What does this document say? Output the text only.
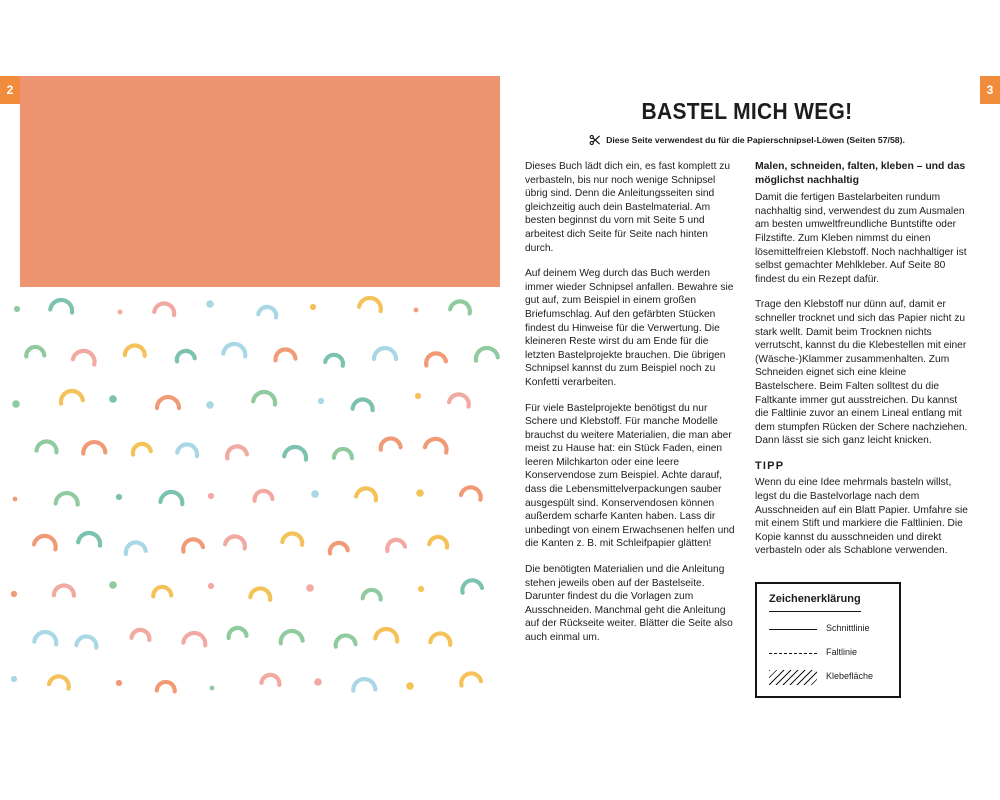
2	3
BASTEL MICH WEG!
Diese Seite verwendest du für die Papierschnipsel-Löwen (Seiten 57/58).

Dieses Buch lädt dich ein, es fast komplett zu verbasteln, bis nur noch wenige Schnipsel übrig sind. Denn die Anleitungsseiten sind gleichzeitig auch dein Bastelmaterial. Am besten beginnst du vorn mit Seite 5 und arbeitest dich Seite für Seite nach hinten durch.

Auf deinem Weg durch das Buch werden immer wieder Schnipsel anfallen. Bewahre sie gut auf, zum Beispiel in einem großen Briefumschlag. Auf den gefärbten Stücken findest du Hinweise für die Verwertung. Die kleineren Reste wirst du am Ende für die letzten Bastelprojekte brauchen. Die übrigen Schnipsel kannst du zum Beispiel noch zu Konfetti verarbeiten.

Für viele Bastelprojekte benötigst du nur Schere und Klebstoff. Für manche Modelle brauchst du weitere Materialien, die man aber meist zu Hause hat: ein Stück Faden, einen leeren Milchkarton oder eine leere Konservendose zum Beispiel. Achte darauf, dass die Lebensmittelverpackungen sauber ausgespült sind. Konservendosen können außerdem scharfe Kanten haben. Lass dir unbedingt von einem Erwachsenen helfen und die Kanten z. B. mit Schleifpapier glätten!

Die benötigten Materialien und die Anleitung stehen jeweils oben auf der Bastelseite. Darunter findest du die Vorlagen zum Ausschneiden. Manchmal geht die Anleitung auf der Rückseite weiter. Blätter die Seite also auch einmal um.

Malen, schneiden, falten, kleben – und das möglichst nachhaltig

Damit die fertigen Bastelarbeiten rundum nachhaltig sind, verwendest du zum Ausmalen am besten umweltfreundliche Buntstifte oder Filzstifte. Zum Kleben nimmst du einen lösemittelfreien Klebstoff. Noch nachhaltiger ist selbst gemachter Mehlkleber. Auf Seite 80 findest du ein Rezept dafür.

Trage den Klebstoff nur dünn auf, damit er schneller trocknet und sich das Papier nicht zu stark wellt. Damit beim Trocknen nichts verrutscht, kannst du die Klebestellen mit einer (Wäsche-)Klammer zusammenhalten. Zum Schneiden eignet sich eine kleine Bastelschere. Beim Falten solltest du die Faltkante immer gut ausstreichen. Du kannst die Faltlinie zuvor an einem Lineal entlang mit dem stumpfen Rücken der Schere nachziehen. Dann lässt sie sich ganz leicht knicken.

TIPP

Wenn du eine Idee mehrmals basteln willst, legst du die Bastelvorlage nach dem Ausschneiden auf ein Blatt Papier. Umfahre sie mit einem Stift und markiere die Faltlinien. Die Kopie kannst du ausschneiden und direkt verbasteln oder als Schablone verwenden.

Zeichenerklärung
Schnittlinie
Faltlinie
Klebefläche
